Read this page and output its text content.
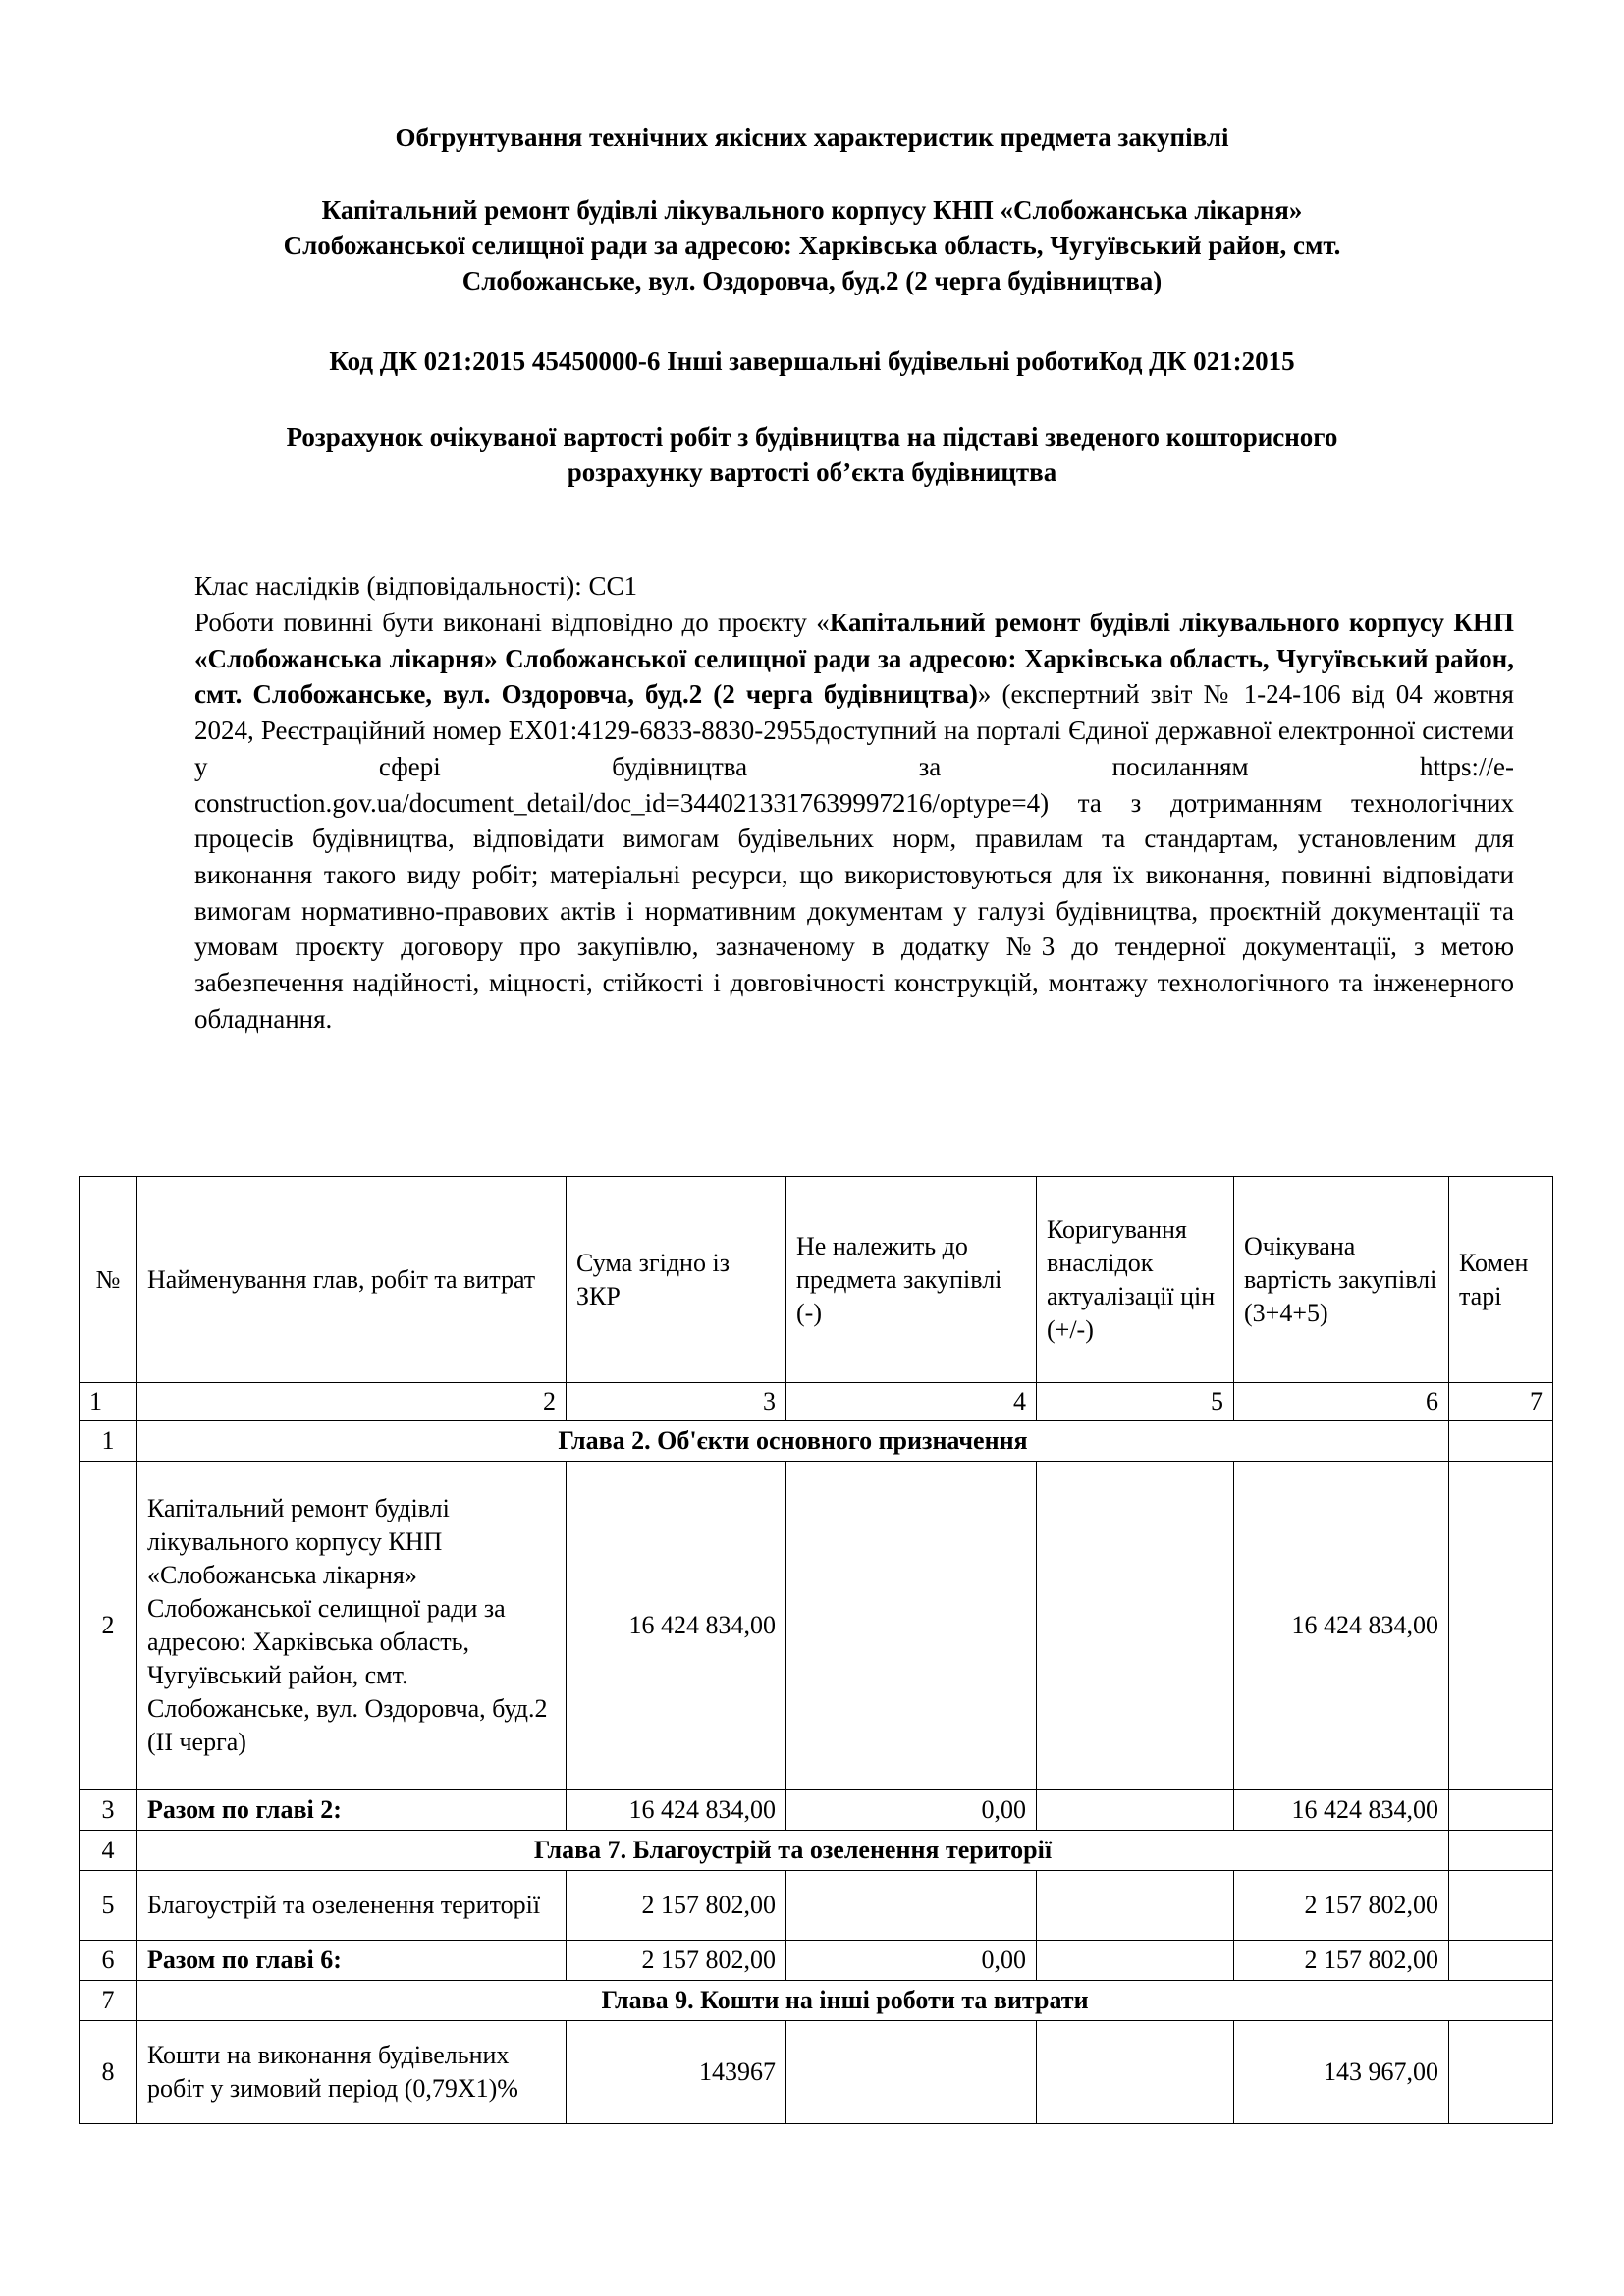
Обгрунтування технічних якісних характеристик предмета закупівлі
Капітальний ремонт будівлі лікувального корпусу КНП «Слобожанська лікарня»
Слобожанської селищної ради за адресою: Харківська область, Чугуївський район, смт.
Слобожанське, вул. Оздоровча, буд.2 (2 черга будівництва)
Код ДК 021:2015 45450000-6 Інші завершальні будівельні роботиКод ДК 021:2015
Розрахунок очікуваної вартості робіт з будівництва на підставі зведеного кошторисного
розрахунку вартості об’єкта будівництва
Клас наслідків (відповідальності): СС1
Роботи повинні бути виконані відповідно до проєкту «Капітальний ремонт будівлі лікувального корпусу КНП «Слобожанська лікарня» Слобожанської селищної ради за адресою: Харківська область, Чугуївський район, смт. Слобожанське, вул. Оздоровча, буд.2 (2 черга будівництва)» (експертний звіт № 1-24-106 від 04 жовтня 2024, Реєстраційний номер EX01:4129-6833-8830-2955доступний на порталі Єдиної державної електронної системи у сфері будівництва за посиланням https://e-construction.gov.ua/document_detail/doc_id=3440213317639997216/optype=4) та з дотриманням технологічних процесів будівництва, відповідати вимогам будівельних норм, правилам та стандартам, установленим для виконання такого виду робіт; матеріальні ресурси, що використовуються для їх виконання, повинні відповідати вимогам нормативно-правових актів і нормативним документам у галузі будівництва, проєктній документації та умовам проєкту договору про закупівлю, зазначеному в додатку №3 до тендерної документації, з метою забезпечення надійності, міцності, стійкості і довговічності конструкцій, монтажу технологічного та інженерного обладнання.
№	Найменування глав, робіт та витрат	Сума згідно із ЗКР	Не належить до предмета закупівлі (-)	Коригування внаслідок актуалізації цін (+/-)	Очікувана вартість закупівлі (3+4+5)	Комен тарі
1	2	3	4	5	6	7
1	Глава 2. Об'єкти основного призначення					
2	Капітальний ремонт будівлі лікувального корпусу КНП «Слобожанська лікарня» Слобожанської селищної ради за адресою: Харківська область, Чугуївський район, смт. Слобожанське, вул. Оздоровча, буд.2 (II черга)	16 424 834,00			16 424 834,00	
3	Разом по главі 2:	16 424 834,00	0,00		16 424 834,00	
4	Глава 7. Благоустрій та озеленення території					
5	Благоустрій та озеленення території	2 157 802,00			2 157 802,00	
6	Разом по главі 6:	2 157 802,00	0,00		2 157 802,00	
7	Глава 9. Кошти на інші роботи та витрати					
8	Кошти на виконання будівельних робіт у зимовий період (0,79Х1)%	143967			143 967,00	
